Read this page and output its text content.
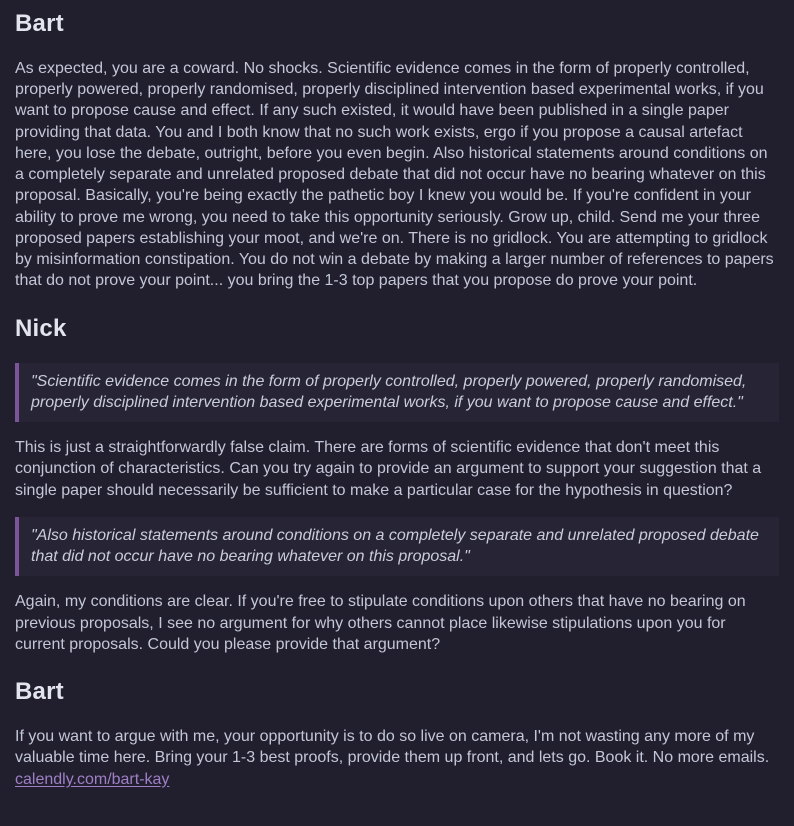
Bart

As expected, you are a coward. No shocks. Scientific evidence comes in the form of properly controlled, properly powered, properly randomised, properly disciplined intervention based experimental works, if you want to propose cause and effect. If any such existed, it would have been published in a single paper providing that data. You and I both know that no such work exists, ergo if you propose a causal artefact here, you lose the debate, outright, before you even begin. Also historical statements around conditions on a completely separate and unrelated proposed debate that did not occur have no bearing whatever on this proposal. Basically, you're being exactly the pathetic boy I knew you would be. If you're confident in your ability to prove me wrong, you need to take this opportunity seriously. Grow up, child. Send me your three proposed papers establishing your moot, and we're on. There is no gridlock. You are attempting to gridlock by misinformation constipation. You do not win a debate by making a larger number of references to papers that do not prove your point... you bring the 1-3 top papers that you propose do prove your point.

Nick

"Scientific evidence comes in the form of properly controlled, properly powered, properly randomised, properly disciplined intervention based experimental works, if you want to propose cause and effect."

This is just a straightforwardly false claim. There are forms of scientific evidence that don't meet this conjunction of characteristics. Can you try again to provide an argument to support your suggestion that a single paper should necessarily be sufficient to make a particular case for the hypothesis in question?

"Also historical statements around conditions on a completely separate and unrelated proposed debate that did not occur have no bearing whatever on this proposal."

Again, my conditions are clear. If you're free to stipulate conditions upon others that have no bearing on previous proposals, I see no argument for why others cannot place likewise stipulations upon you for current proposals. Could you please provide that argument?

Bart

If you want to argue with me, your opportunity is to do so live on camera, I'm not wasting any more of my valuable time here. Bring your 1-3 best proofs, provide them up front, and lets go. Book it. No more emails. calendly.com/bart-kay
